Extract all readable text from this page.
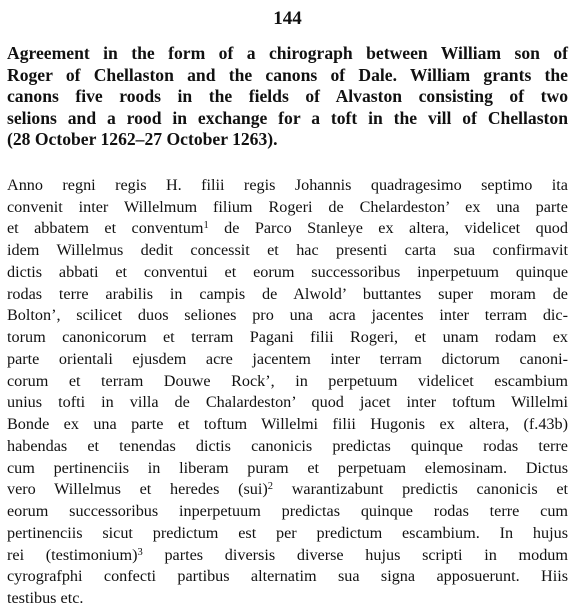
144
Agreement in the form of a chirograph between William son of
Roger of Chellaston and the canons of Dale. William grants the
canons five roods in the fields of Alvaston consisting of two
selions and a rood in exchange for a toft in the vill of Chellaston
(28 October 1262–27 October 1263).
Anno regni regis H. filii regis Johannis quadragesimo septimo ita
convenit inter Willelmum filium Rogeri de Chelardeston’ ex una parte
et abbatem et conventum$^1$ de Parco Stanleye ex altera, videlicet quod
idem Willelmus dedit concessit et hac presenti carta sua confirmavit
dictis abbati et conventui et eorum successoribus inperpetuum quinque
rodas terre arabilis in campis de Alwold’ buttantes super moram de
Bolton’, scilicet duos seliones pro una acra jacentes inter terram dic-
torum canonicorum et terram Pagani filii Rogeri, et unam rodam ex
parte orientali ejusdem acre jacentem inter terram dictorum canoni-
corum et terram Douwe Rock’, in perpetuum videlicet escambium
unius tofti in villa de Chalardeston’ quod jacet inter toftum Willelmi
Bonde ex una parte et toftum Willelmi filii Hugonis ex altera, (f.43b)
habendas et tenendas dictis canonicis predictas quinque rodas terre
cum pertinenciis in liberam puram et perpetuam elemosinam. Dictus
vero Willelmus et heredes (sui)$^2$ warantizabunt predictis canonicis et
eorum successoribus inperpetuum predictas quinque rodas terre cum
pertinenciis sicut predictum est per predictum escambium. In hujus
rei (testimonium)$^3$ partes diversis diverse hujus scripti in modum
cyrografphi confecti partibus alternatim sua signa apposuerunt. Hiis
testibus etc.
